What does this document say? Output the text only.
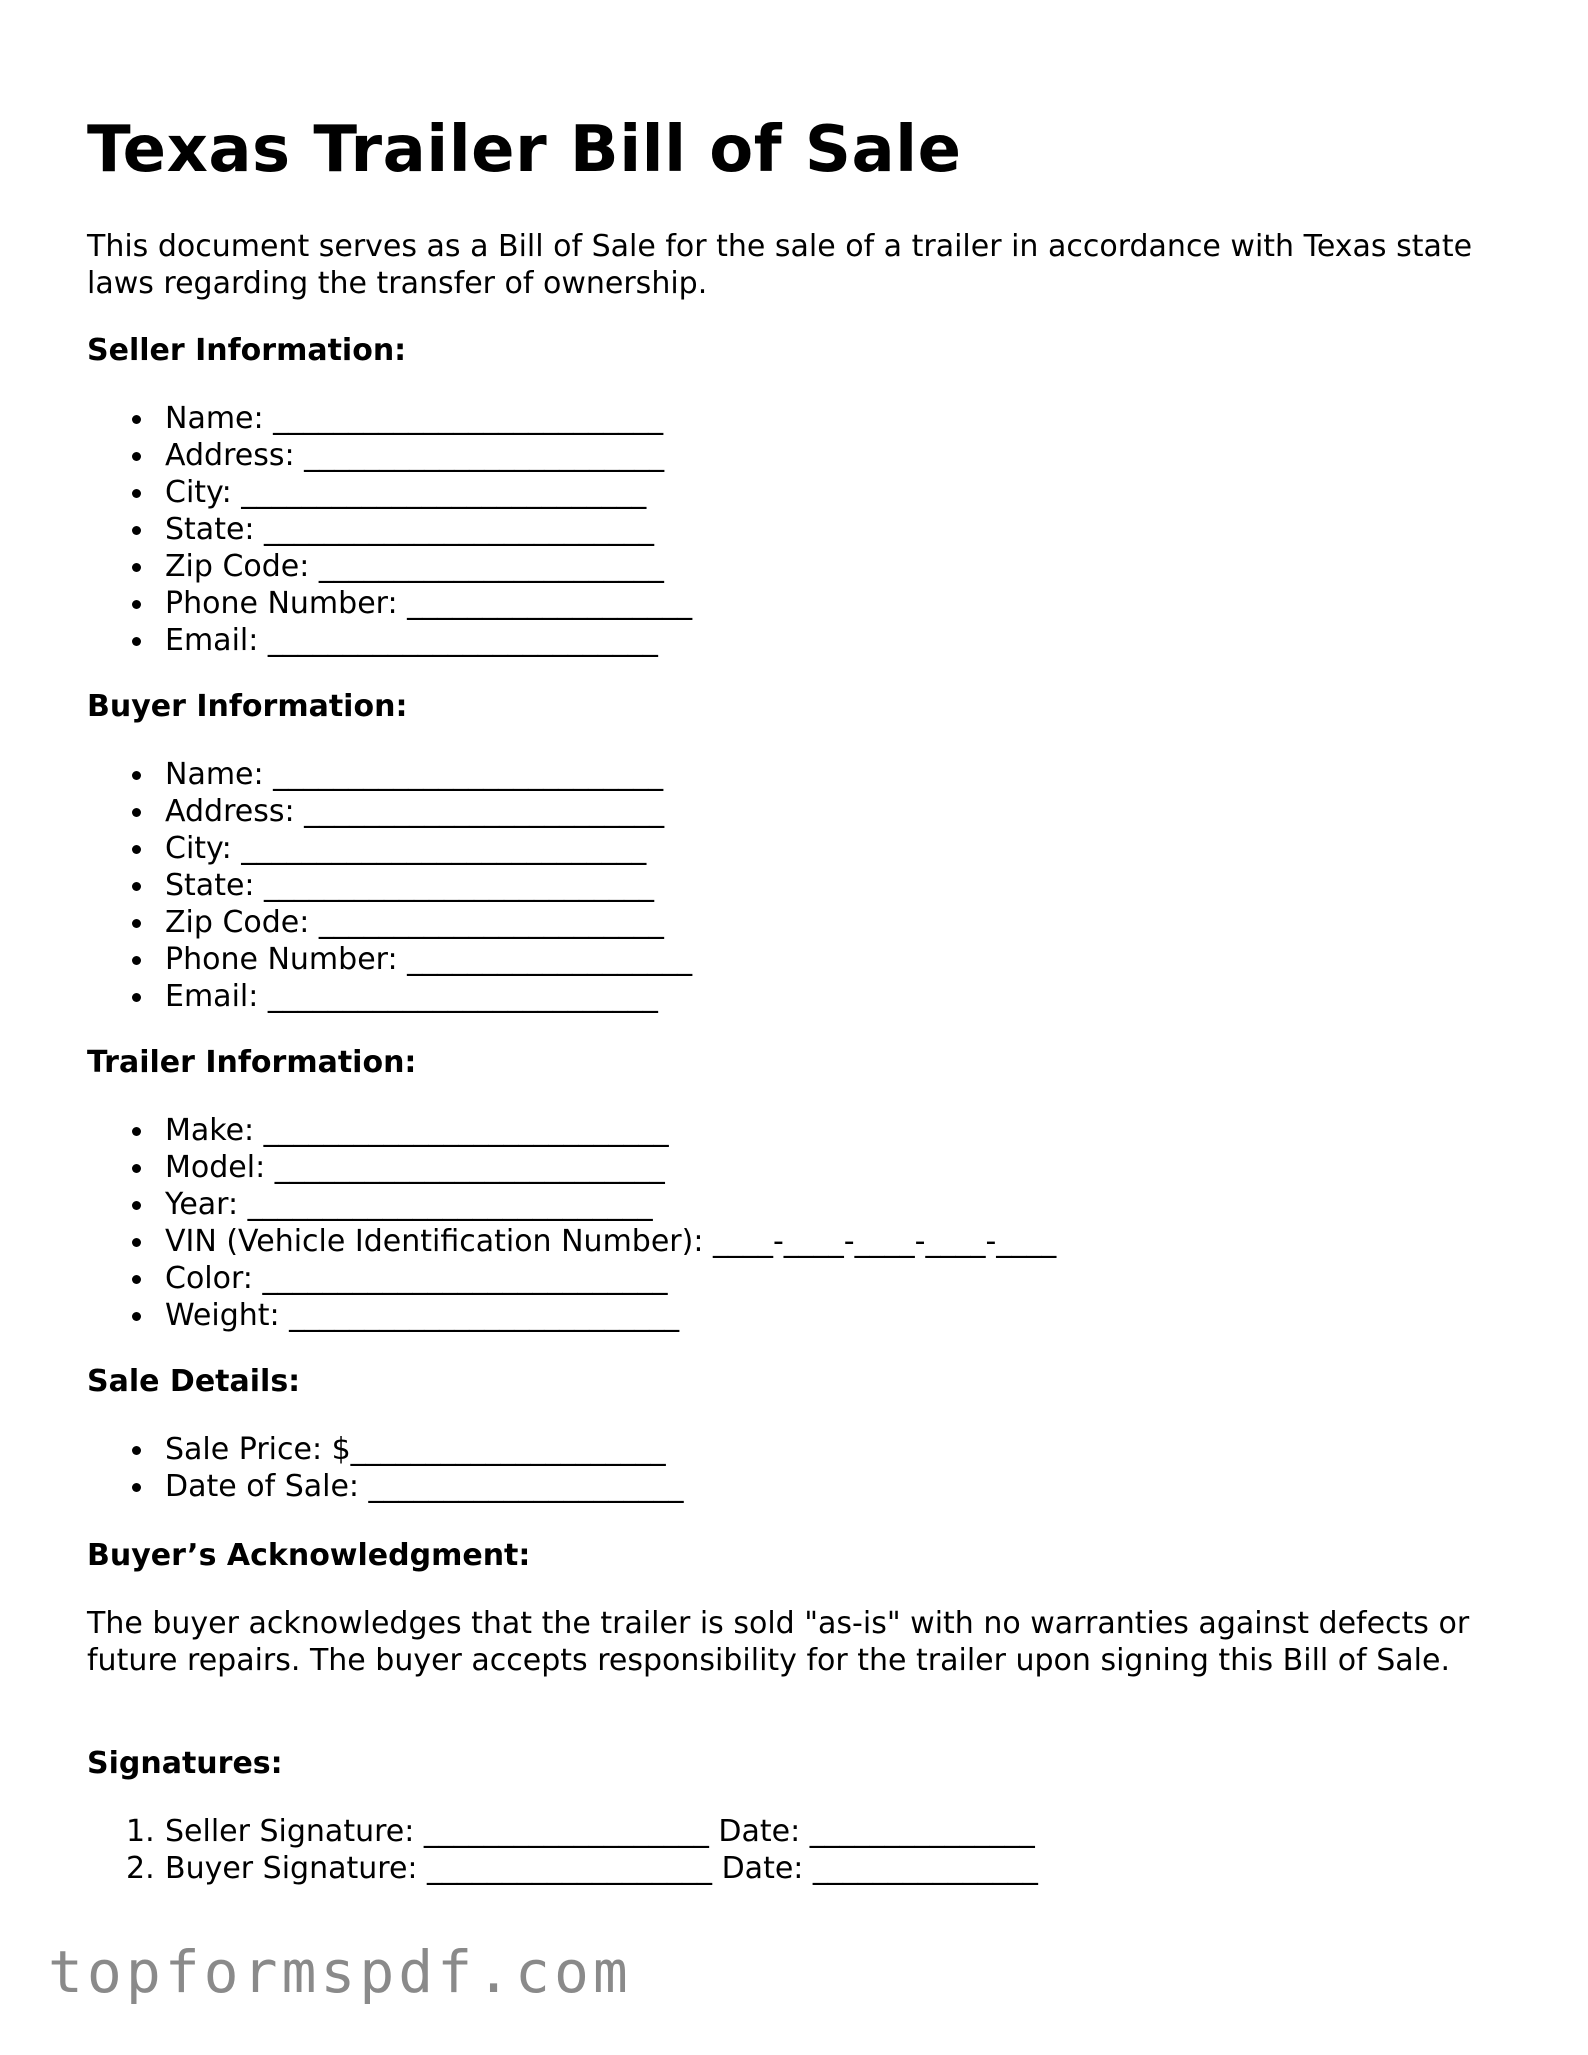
Texas Trailer Bill of Sale

This document serves as a Bill of Sale for the sale of a trailer in accordance with Texas state laws regarding the transfer of ownership.

Seller Information:
Name: __________________________
Address: ________________________
City: ___________________________
State: __________________________
Zip Code: _______________________
Phone Number: ___________________
Email: __________________________
Buyer Information:
Name: __________________________
Address: ________________________
City: ___________________________
State: __________________________
Zip Code: _______________________
Phone Number: ___________________
Email: __________________________
Trailer Information:
Make: ___________________________
Model: __________________________
Year: ___________________________
VIN (Vehicle Identification Number): ____-____-____-____-____
Color: ___________________________
Weight: __________________________
Sale Details:
Sale Price: $_____________________
Date of Sale: _____________________
Buyer’s Acknowledgment:

The buyer acknowledges that the trailer is sold "as-is" with no warranties against defects or future repairs. The buyer accepts responsibility for the trailer upon signing this Bill of Sale.

Signatures:
1. Seller Signature: ___________________ Date: _______________
2. Buyer Signature: ___________________ Date: _______________
topformspdf.com
